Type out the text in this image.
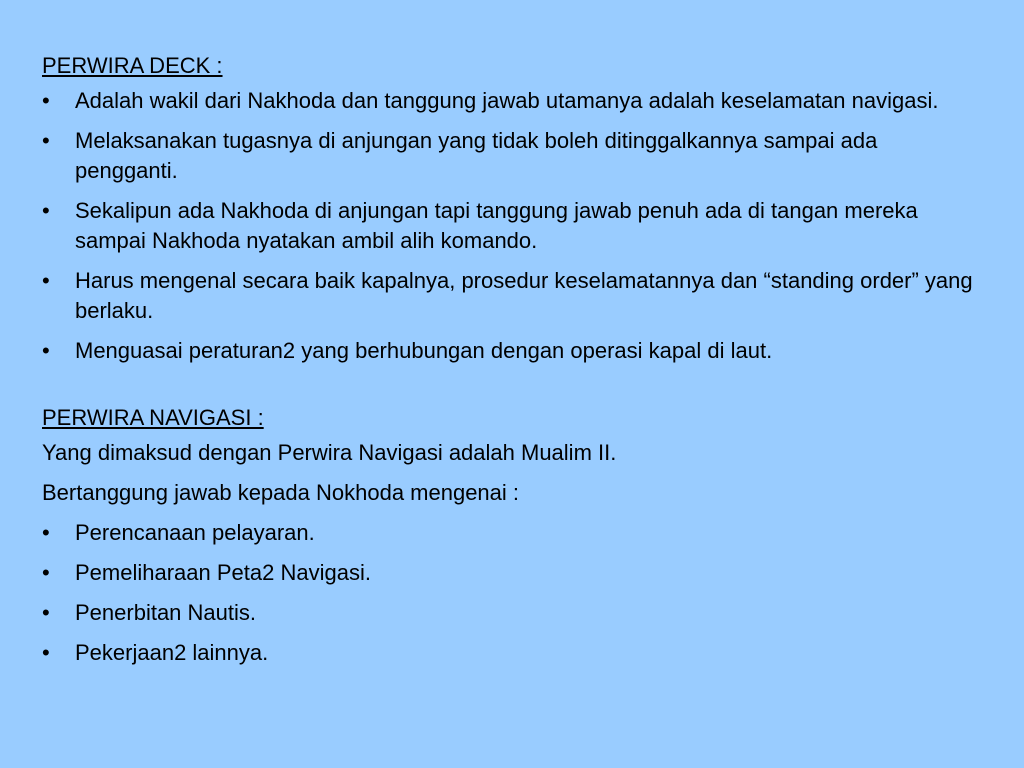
PERWIRA DECK :
•	Adalah wakil dari Nakhoda dan tanggung jawab utamanya adalah keselamatan navigasi.
•	Melaksanakan tugasnya di anjungan yang tidak boleh ditinggalkannya sampai ada pengganti.
•	Sekalipun ada Nakhoda di anjungan tapi tanggung jawab penuh ada di tangan mereka sampai Nakhoda nyatakan ambil alih komando.
•	Harus mengenal secara baik kapalnya, prosedur keselamatannya dan “standing order” yang berlaku.
•	Menguasai peraturan2 yang berhubungan dengan operasi kapal di laut.
PERWIRA NAVIGASI :
Yang dimaksud dengan Perwira Navigasi adalah Mualim II.
Bertanggung jawab kepada Nokhoda mengenai :
•	Perencanaan pelayaran.
•	Pemeliharaan Peta2 Navigasi.
•	Penerbitan Nautis.
•	Pekerjaan2 lainnya.
